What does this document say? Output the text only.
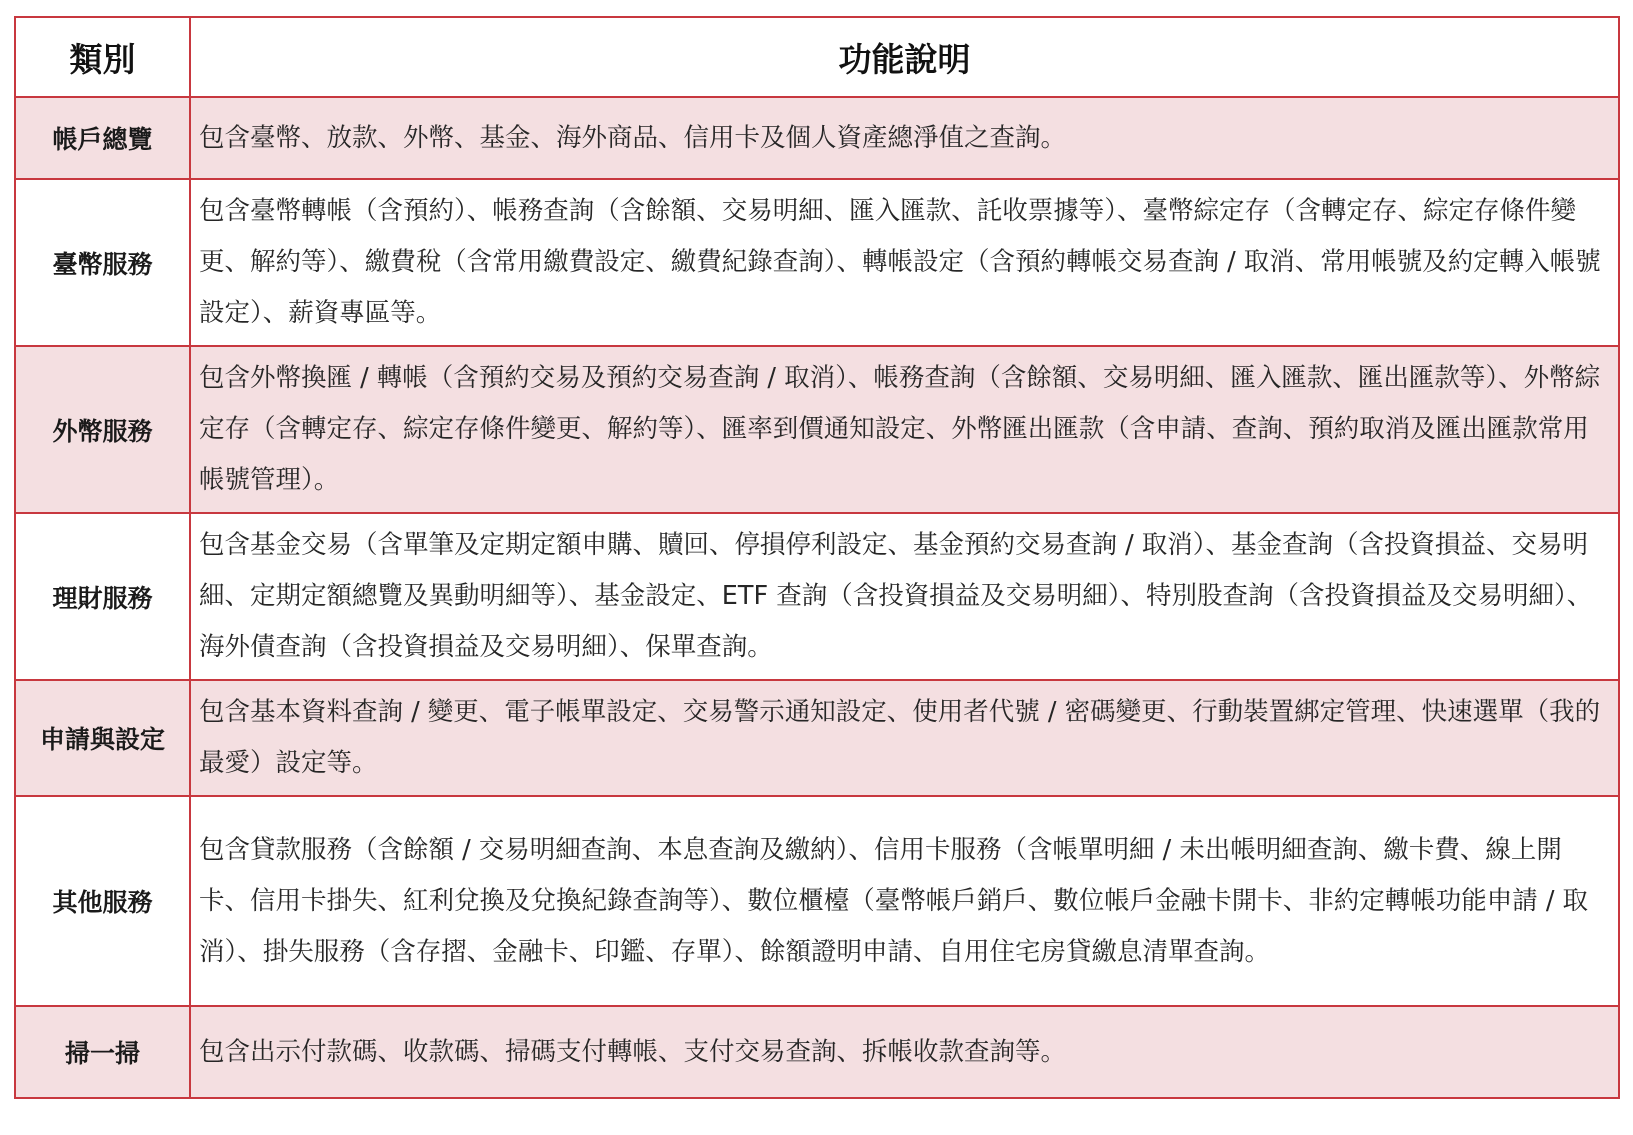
類別	功能說明
帳戶總覽	包含臺幣、放款、外幣、基金、海外商品、信用卡及個人資產總淨值之查詢。
臺幣服務	包含臺幣轉帳（含預約）、帳務查詢（含餘額、交易明細、匯入匯款、託收票據等）、臺幣綜定存（含轉定存、綜定存條件變更、解約等）、繳費稅（含常用繳費設定、繳費紀錄查詢）、轉帳設定（含預約轉帳交易查詢 / 取消、常用帳號及約定轉入帳號設定）、薪資專區等。
外幣服務	包含外幣換匯 / 轉帳（含預約交易及預約交易查詢 / 取消）、帳務查詢（含餘額、交易明細、匯入匯款、匯出匯款等）、外幣綜定存（含轉定存、綜定存條件變更、解約等）、匯率到價通知設定、外幣匯出匯款（含申請、查詢、預約取消及匯出匯款常用帳號管理）。
理財服務	包含基金交易（含單筆及定期定額申購、贖回、停損停利設定、基金預約交易查詢 / 取消）、基金查詢（含投資損益、交易明細、定期定額總覽及異動明細等）、基金設定、ETF 查詢（含投資損益及交易明細）、特別股查詢（含投資損益及交易明細）、海外債查詢（含投資損益及交易明細）、保單查詢。
申請與設定	包含基本資料查詢 / 變更、電子帳單設定、交易警示通知設定、使用者代號 / 密碼變更、行動裝置綁定管理、快速選單（我的最愛）設定等。
其他服務	包含貸款服務（含餘額 / 交易明細查詢、本息查詢及繳納）、信用卡服務（含帳單明細 / 未出帳明細查詢、繳卡費、線上開卡、信用卡掛失、紅利兌換及兌換紀錄查詢等）、數位櫃檯（臺幣帳戶銷戶、數位帳戶金融卡開卡、非約定轉帳功能申請 / 取消）、掛失服務（含存摺、金融卡、印鑑、存單）、餘額證明申請、自用住宅房貸繳息清單查詢。
掃一掃	包含出示付款碼、收款碼、掃碼支付轉帳、支付交易查詢、拆帳收款查詢等。
